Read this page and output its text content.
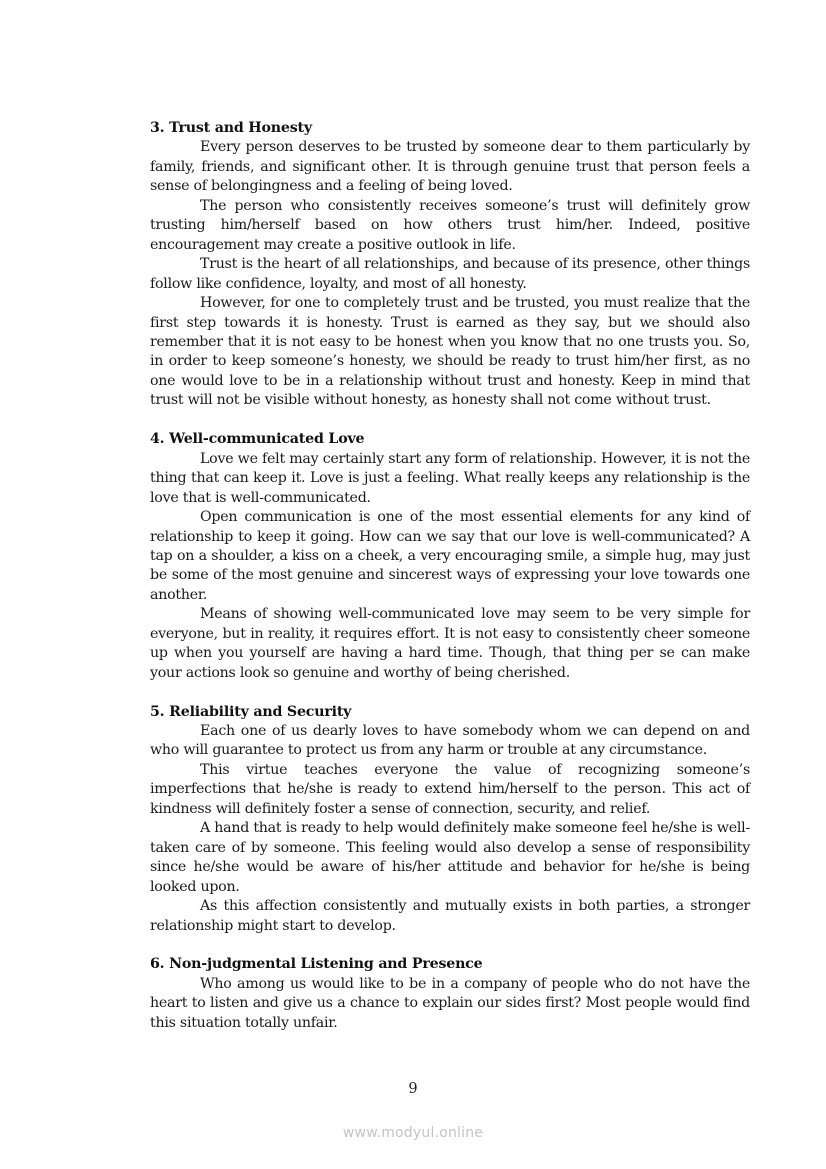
3. Trust and Honesty

Every person deserves to be trusted by someone dear to them particularly by family, friends, and significant other. It is through genuine trust that person feels a sense of belongingness and a feeling of being loved.

The person who consistently receives someone’s trust will definitely grow trusting him/herself based on how others trust him/her. Indeed, positive encouragement may create a positive outlook in life.

Trust is the heart of all relationships, and because of its presence, other things follow like confidence, loyalty, and most of all honesty.

However, for one to completely trust and be trusted, you must realize that the first step towards it is honesty. Trust is earned as they say, but we should also remember that it is not easy to be honest when you know that no one trusts you. So, in order to keep someone’s honesty, we should be ready to trust him/her first, as no one would love to be in a relationship without trust and honesty. Keep in mind that trust will not be visible without honesty, as honesty shall not come without trust.

4. Well-communicated Love

Love we felt may certainly start any form of relationship. However, it is not the thing that can keep it. Love is just a feeling. What really keeps any relationship is the love that is well-communicated.

Open communication is one of the most essential elements for any kind of relationship to keep it going. How can we say that our love is well-communicated? A tap on a shoulder, a kiss on a cheek, a very encouraging smile, a simple hug, may just be some of the most genuine and sincerest ways of expressing your love towards one another.

Means of showing well-communicated love may seem to be very simple for everyone, but in reality, it requires effort. It is not easy to consistently cheer someone up when you yourself are having a hard time. Though, that thing per se can make your actions look so genuine and worthy of being cherished.

5. Reliability and Security

Each one of us dearly loves to have somebody whom we can depend on and who will guarantee to protect us from any harm or trouble at any circumstance.

This virtue teaches everyone the value of recognizing someone’s imperfections that he/she is ready to extend him/herself to the person. This act of kindness will definitely foster a sense of connection, security, and relief.

A hand that is ready to help would definitely make someone feel he/she is well-taken care of by someone. This feeling would also develop a sense of responsibility since he/she would be aware of his/her attitude and behavior for he/she is being looked upon.

As this affection consistently and mutually exists in both parties, a stronger relationship might start to develop.

6. Non-judgmental Listening and Presence

Who among us would like to be in a company of people who do not have the heart to listen and give us a chance to explain our sides first? Most people would find this situation totally unfair.

9
www.modyul.online
